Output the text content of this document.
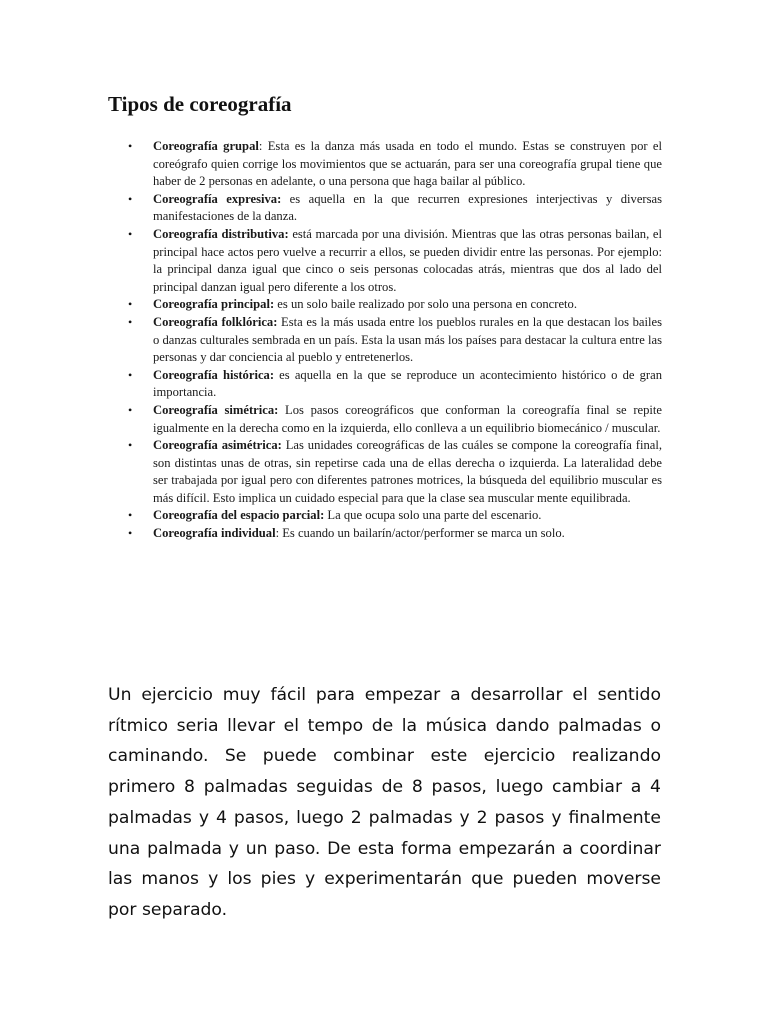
Tipos de coreografía
• Coreografía grupal: Esta es la danza más usada en todo el mundo. Estas se construyen por el coreógrafo quien corrige los movimientos que se actuarán, para ser una coreografía grupal tiene que haber de 2 personas en adelante, o una persona que haga bailar al público.
• Coreografía expresiva: es aquella en la que recurren expresiones interjectivas y diversas manifestaciones de la danza.
• Coreografía distributiva: está marcada por una división. Mientras que las otras personas bailan, el principal hace actos pero vuelve a recurrir a ellos, se pueden dividir entre las personas. Por ejemplo: la principal danza igual que cinco o seis personas colocadas atrás, mientras que dos al lado del principal danzan igual pero diferente a los otros.
• Coreografía principal: es un solo baile realizado por solo una persona en concreto.
• Coreografía folklórica: Esta es la más usada entre los pueblos rurales en la que destacan los bailes o danzas culturales sembrada en un país. Esta la usan más los países para destacar la cultura entre las personas y dar conciencia al pueblo y entretenerlos.
• Coreografía histórica: es aquella en la que se reproduce un acontecimiento histórico o de gran importancia.
• Coreografía simétrica: Los pasos coreográficos que conforman la coreografía final se repite igualmente en la derecha como en la izquierda, ello conlleva a un equilibrio biomecánico / muscular.
• Coreografía asimétrica: Las unidades coreográficas de las cuáles se compone la coreografía final, son distintas unas de otras, sin repetirse cada una de ellas derecha o izquierda. La lateralidad debe ser trabajada por igual pero con diferentes patrones motrices, la búsqueda del equilibrio muscular es más difícil. Esto implica un cuidado especial para que la clase sea muscular mente equilibrada.
• Coreografía del espacio parcial: La que ocupa solo una parte del escenario.
• Coreografía individual: Es cuando un bailarín/actor/performer se marca un solo.

Un ejercicio muy fácil para empezar a desarrollar el sentido rítmico seria llevar el tempo de la música dando palmadas o caminando. Se puede combinar este ejercicio realizando primero 8 palmadas seguidas de 8 pasos, luego cambiar a 4 palmadas y 4 pasos, luego 2 palmadas y 2 pasos y finalmente una palmada y un paso. De esta forma empezarán a coordinar las manos y los pies y experimentarán que pueden moverse por separado.
